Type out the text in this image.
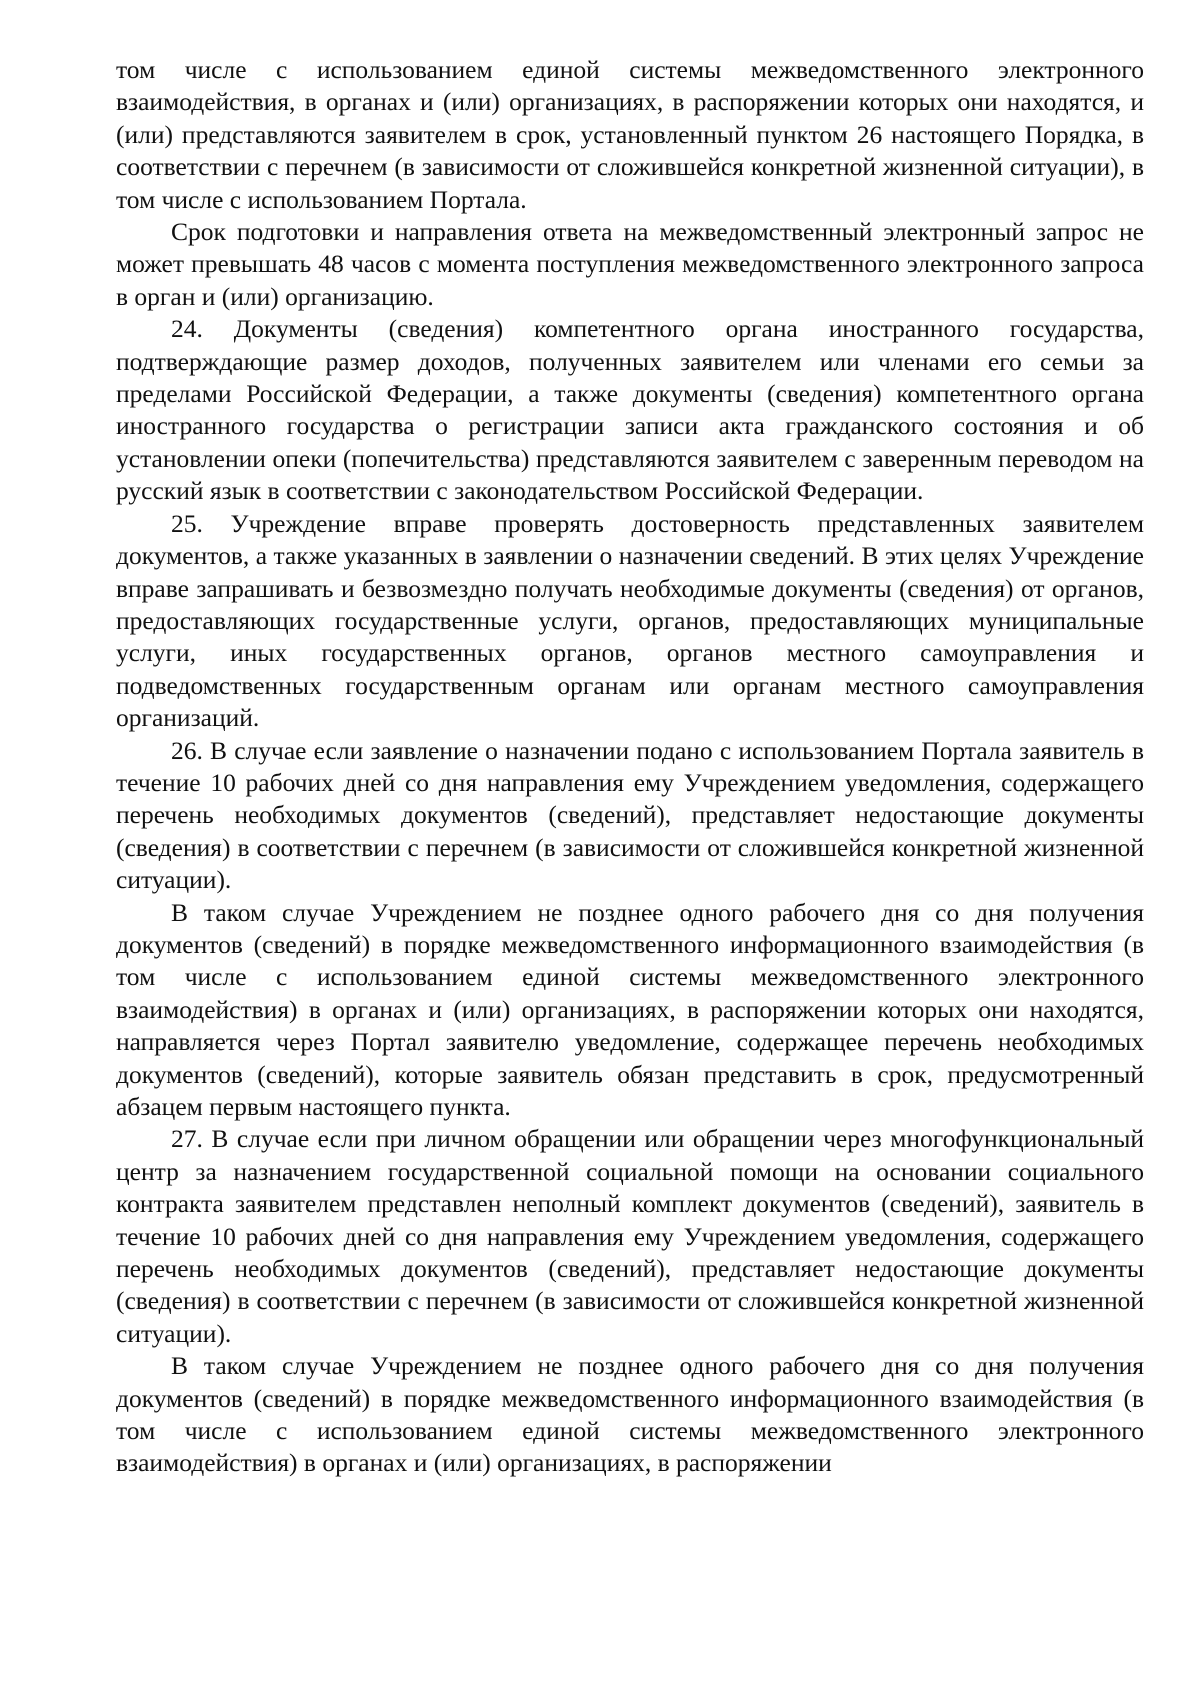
том числе с использованием единой системы межведомственного электронного взаимодействия, в органах и (или) организациях, в распоряжении которых они находятся, и (или) представляются заявителем в срок, установленный пунктом 26 настоящего Порядка, в соответствии с перечнем (в зависимости от сложившейся конкретной жизненной ситуации), в том числе с использованием Портала.

Срок подготовки и направления ответа на межведомственный электронный запрос не может превышать 48 часов с момента поступления межведомственного электронного запроса в орган и (или) организацию.

24. Документы (сведения) компетентного органа иностранного государства, подтверждающие размер доходов, полученных заявителем или членами его семьи за пределами Российской Федерации, а также документы (сведения) компетентного органа иностранного государства о регистрации записи акта гражданского состояния и об установлении опеки (попечительства) представляются заявителем с заверенным переводом на русский язык в соответствии с законодательством Российской Федерации.

25. Учреждение вправе проверять достоверность представленных заявителем документов, а также указанных в заявлении о назначении сведений. В этих целях Учреждение вправе запрашивать и безвозмездно получать необходимые документы (сведения) от органов, предоставляющих государственные услуги, органов, предоставляющих муниципальные услуги, иных государственных органов, органов местного самоуправления и подведомственных государственным органам или органам местного самоуправления организаций.

26. В случае если заявление о назначении подано с использованием Портала заявитель в течение 10 рабочих дней со дня направления ему Учреждением уведомления, содержащего перечень необходимых документов (сведений), представляет недостающие документы (сведения) в соответствии с перечнем (в зависимости от сложившейся конкретной жизненной ситуации).

В таком случае Учреждением не позднее одного рабочего дня со дня получения документов (сведений) в порядке межведомственного информационного взаимодействия (в том числе с использованием единой системы межведомственного электронного взаимодействия) в органах и (или) организациях, в распоряжении которых они находятся, направляется через Портал заявителю уведомление, содержащее перечень необходимых документов (сведений), которые заявитель обязан представить в срок, предусмотренный абзацем первым настоящего пункта.

27. В случае если при личном обращении или обращении через многофункциональный центр за назначением государственной социальной помощи на основании социального контракта заявителем представлен неполный комплект документов (сведений), заявитель в течение 10 рабочих дней со дня направления ему Учреждением уведомления, содержащего перечень необходимых документов (сведений), представляет недостающие документы (сведения) в соответствии с перечнем (в зависимости от сложившейся конкретной жизненной ситуации).

В таком случае Учреждением не позднее одного рабочего дня со дня получения документов (сведений) в порядке межведомственного информационного взаимодействия (в том числе с использованием единой системы межведомственного электронного взаимодействия) в органах и (или) организациях, в распоряжении
